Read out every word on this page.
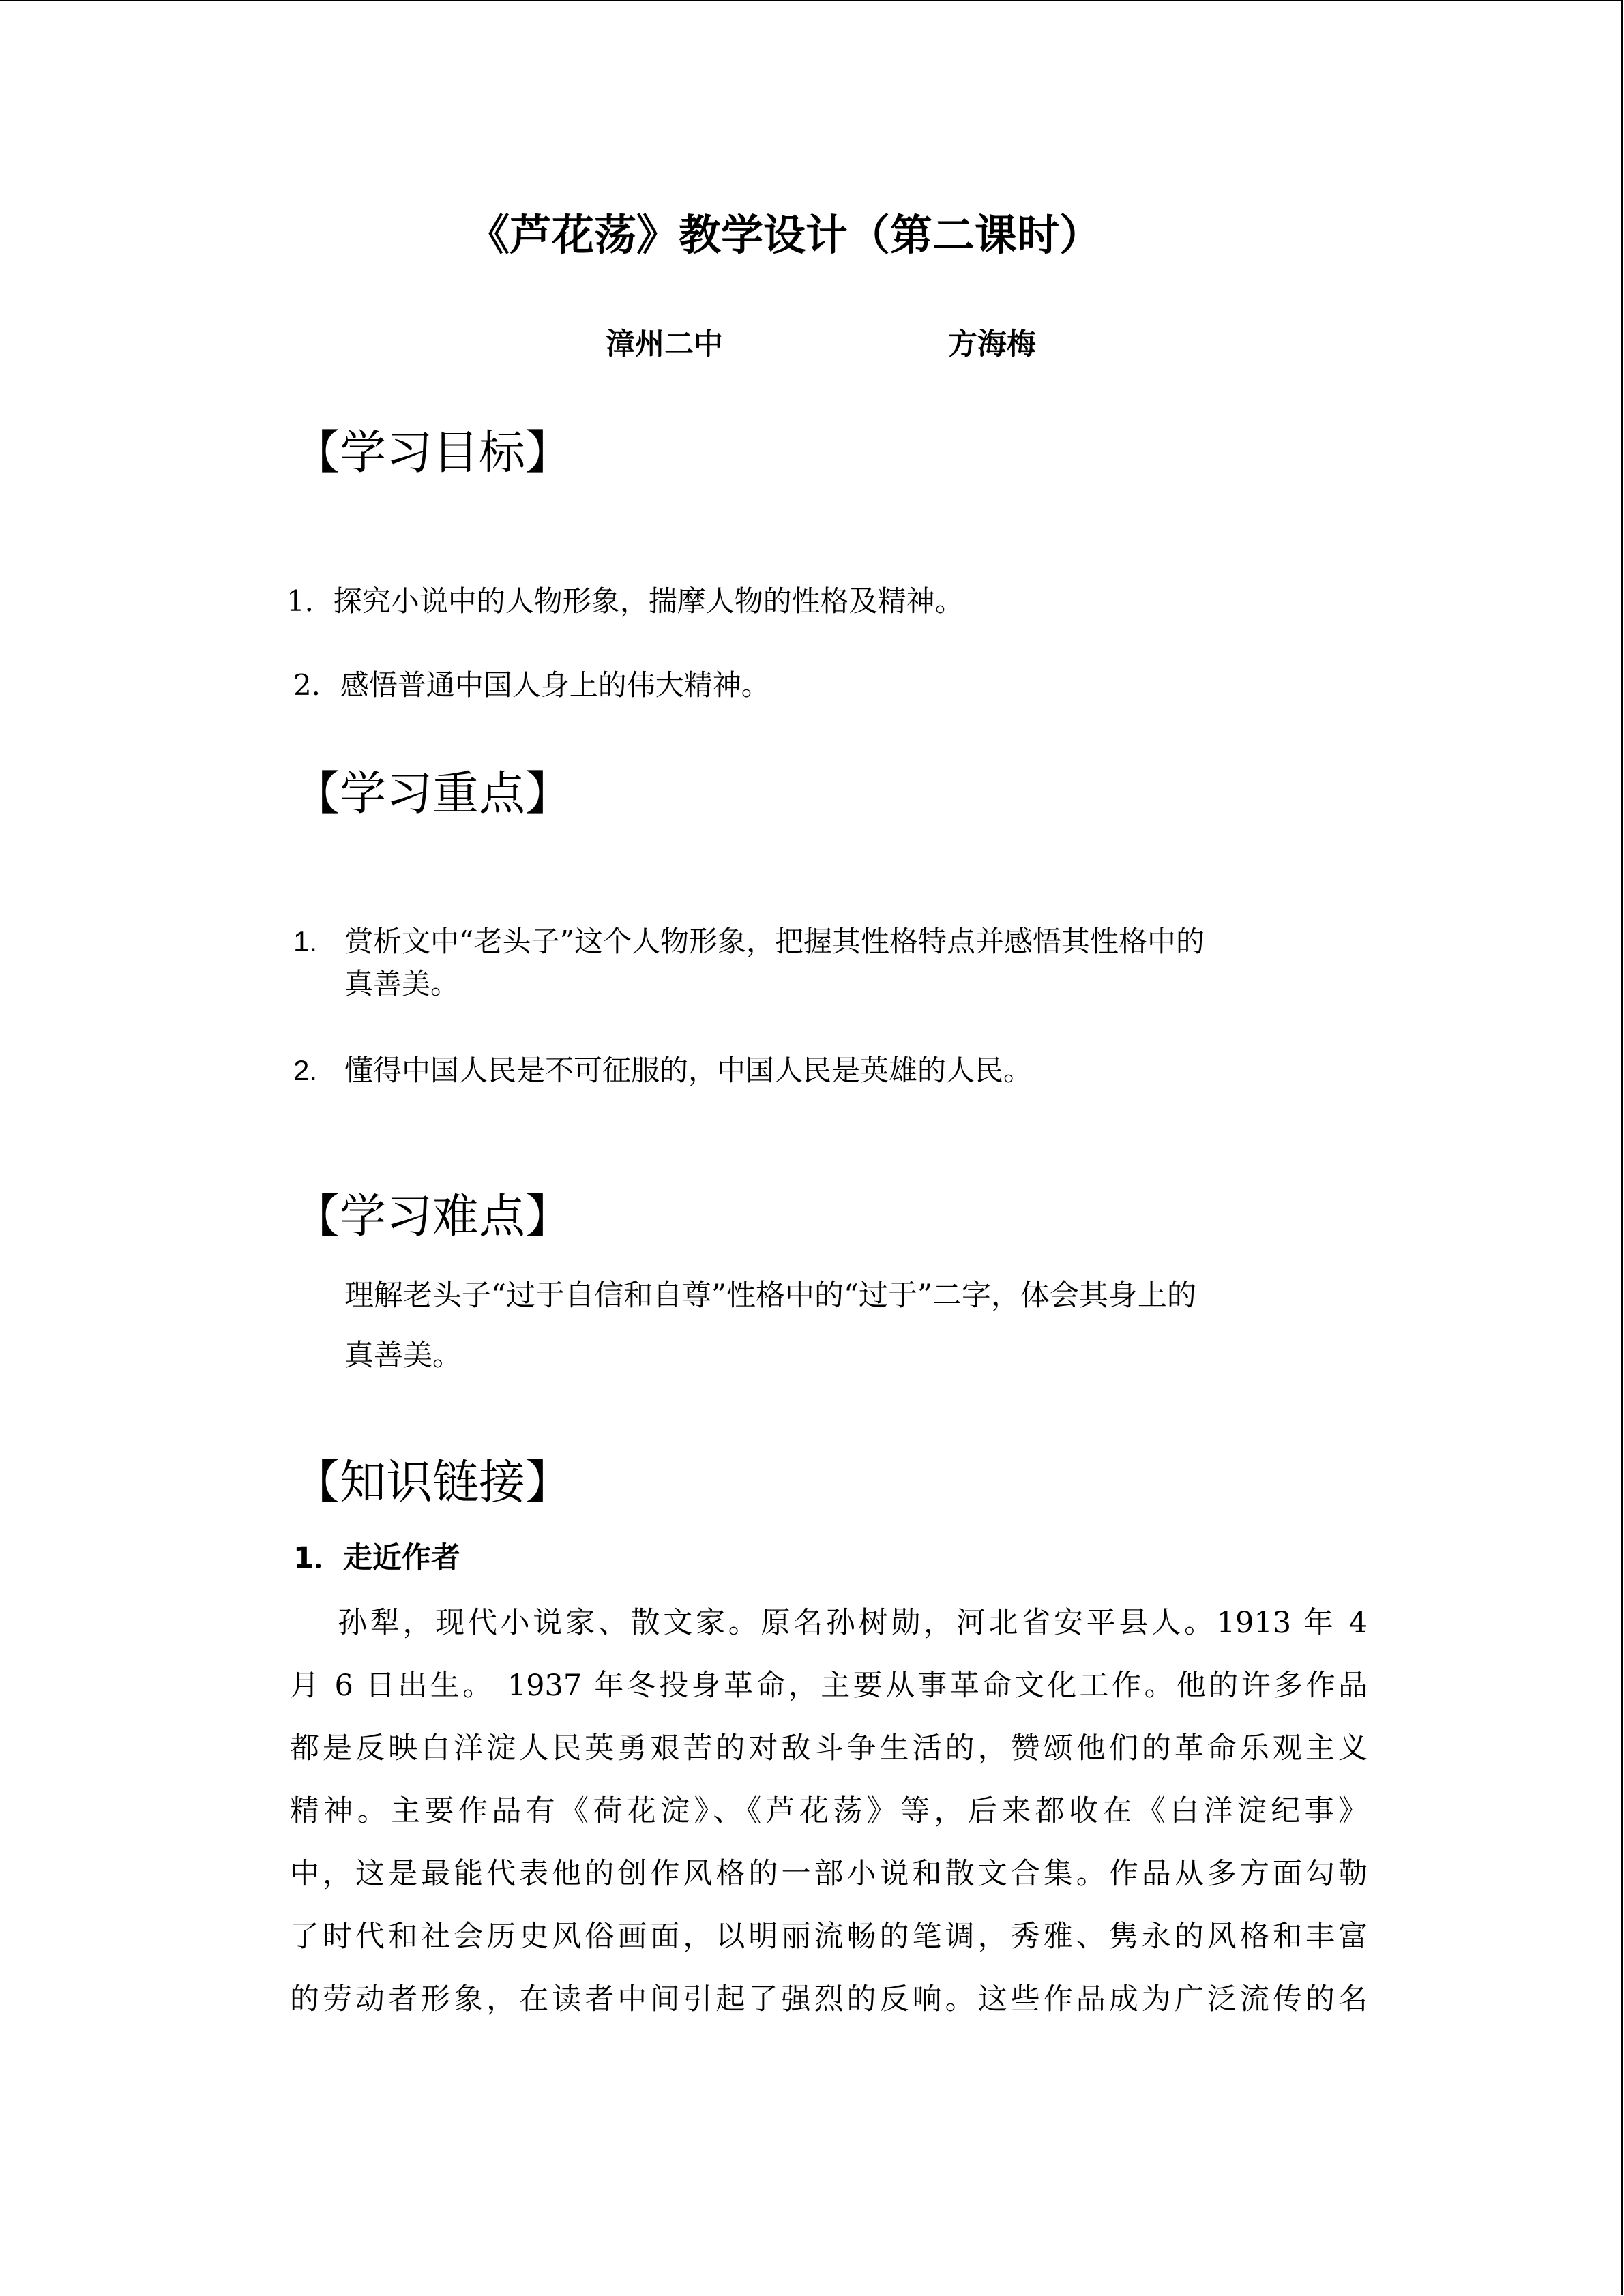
《芦花荡》教学设计（第二课时）
漳州二中	方海梅
【学习目标】
1．探究小说中的人物形象，揣摩人物的性格及精神。
2．感悟普通中国人身上的伟大精神。
【学习重点】
1. 赏析文中“老头子”这个人物形象，把握其性格特点并感悟其性格中的
真善美。
2. 懂得中国人民是不可征服的，中国人民是英雄的人民。
【学习难点】
理解老头子“过于自信和自尊”性格中的“过于”二字，体会其身上的
真善美。
【知识链接】
1．走近作者
孙犁，现代小说家、散文家。原名孙树勋，河北省安平县人。1913 年 4
月 6 日出生。 1937 年冬投身革命，主要从事革命文化工作。他的许多作品
都是反映白洋淀人民英勇艰苦的对敌斗争生活的，赞颂他们的革命乐观主义
精神。主要作品有《荷花淀》、《芦花荡》等，后来都收在《白洋淀纪事》
中，这是最能代表他的创作风格的一部小说和散文合集。作品从多方面勾勒
了时代和社会历史风俗画面，以明丽流畅的笔调，秀雅、隽永的风格和丰富
的劳动者形象，在读者中间引起了强烈的反响。这些作品成为广泛流传的名
